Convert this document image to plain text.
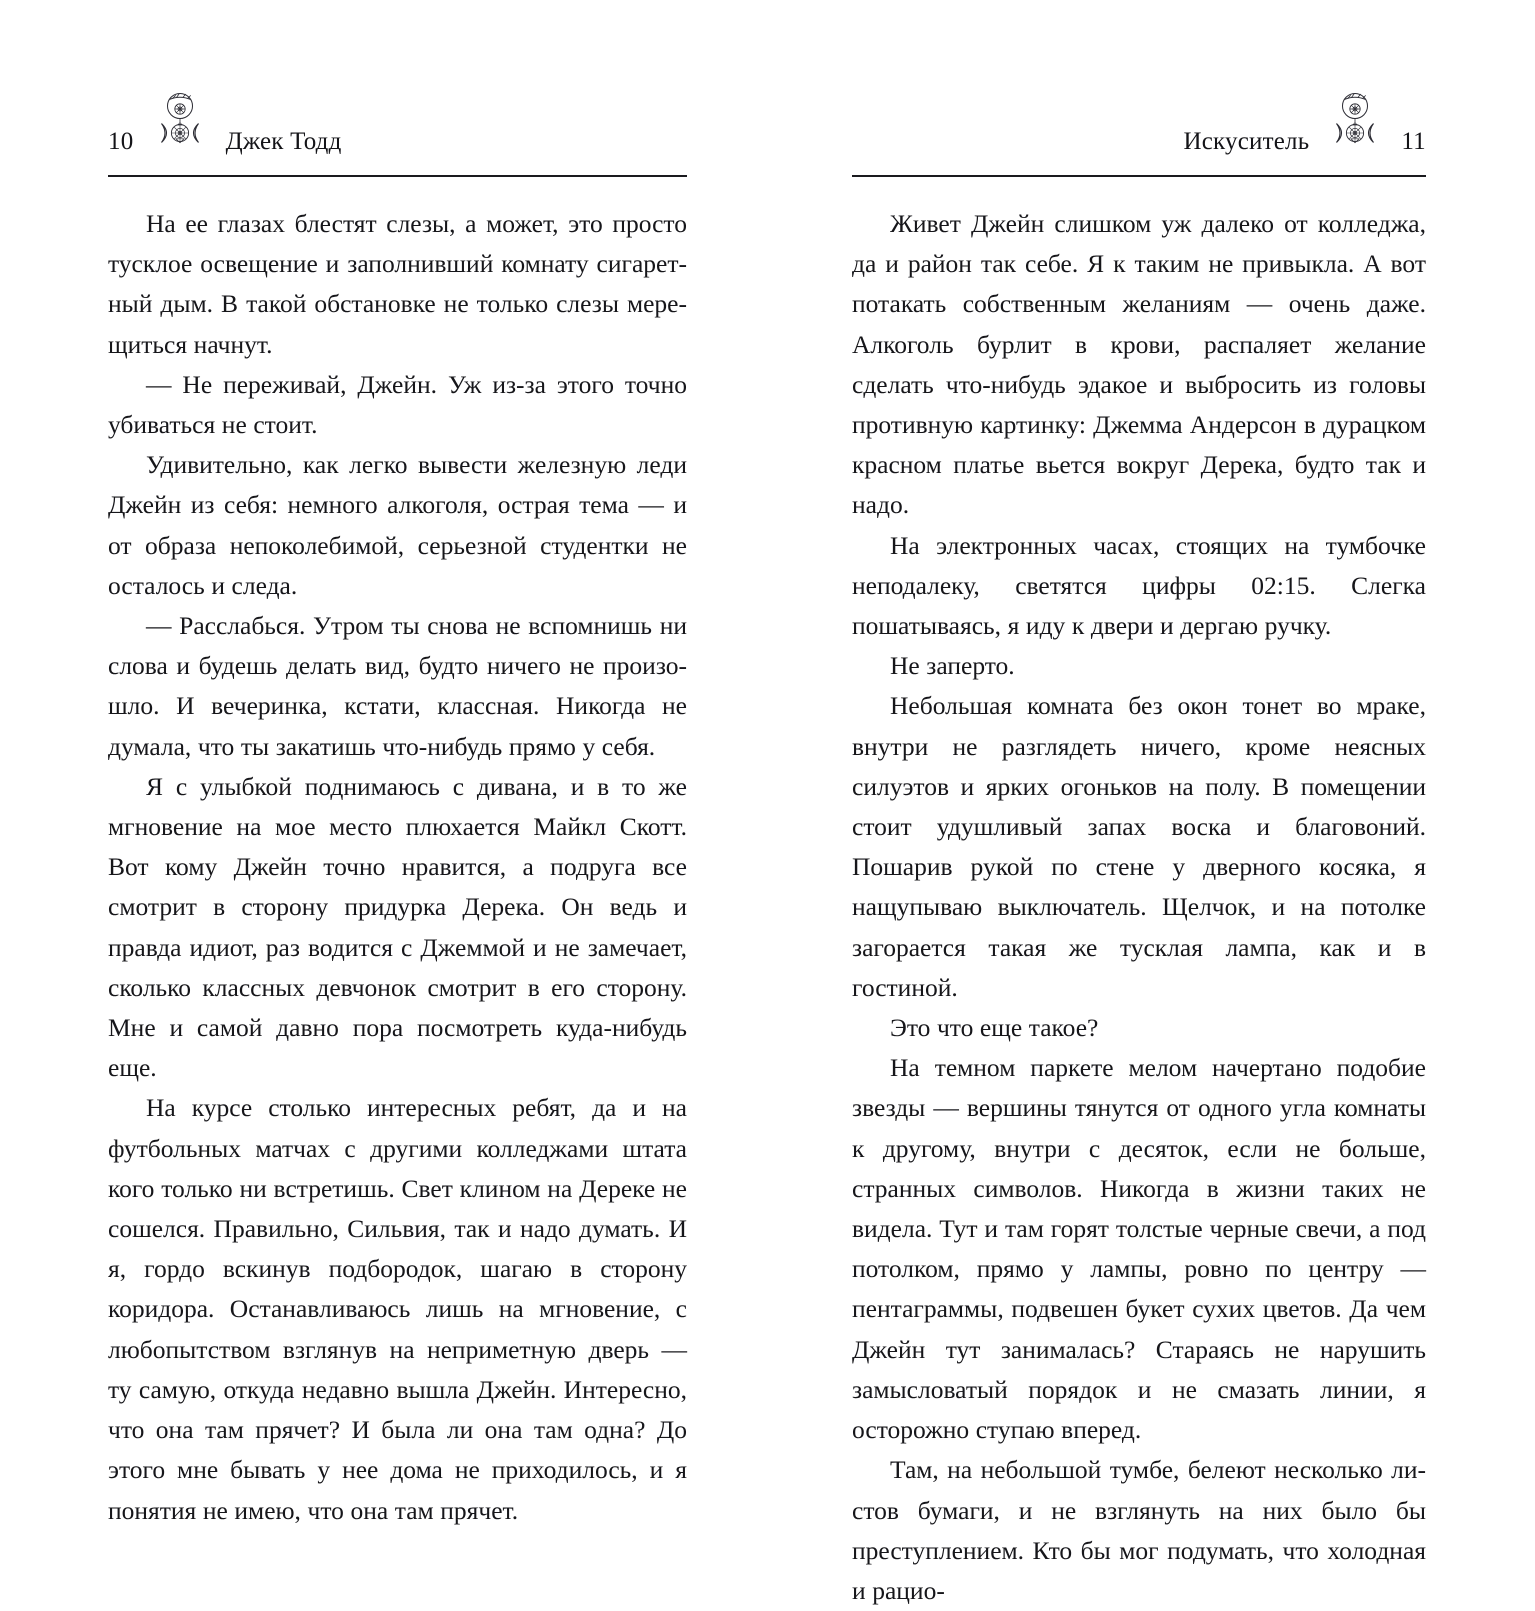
10	Джек Тодд

На ее глазах блестят слезы, а может, это просто тусклое освещение и заполнивший комнату сигаретный дым. В такой обстановке не только слезы мерещиться начнут.

— Не переживай, Джейн. Уж из-за этого точно убиваться не стоит.

Удивительно, как легко вывести железную леди Джейн из себя: немного алкоголя, острая тема — и от образа непоколебимой, серьезной студентки не осталось и следа.

— Расслабься. Утром ты снова не вспомнишь ни слова и будешь делать вид, будто ничего не произошло. И вечеринка, кстати, классная. Никогда не думала, что ты закатишь что-нибудь прямо у себя.

Я с улыбкой поднимаюсь с дивана, и в то же мгновение на мое место плюхается Майкл Скотт. Вот кому Джейн точно нравится, а подруга все смотрит в сторону придурка Дерека. Он ведь и правда идиот, раз водится с Джеммой и не замечает, сколько классных девчонок смотрит в его сторону. Мне и самой давно пора посмотреть куда-нибудь еще.

На курсе столько интересных ребят, да и на футбольных матчах с другими колледжами штата кого только ни встретишь. Свет клином на Дереке не сошелся. Правильно, Сильвия, так и надо думать. И я, гордо вскинув подбородок, шагаю в сторону коридора. Останавливаюсь лишь на мгновение, с любопытством взглянув на неприметную дверь — ту самую, откуда недавно вышла Джейн. Интересно, что она там прячет? И была ли она там одна? До этого мне бывать у нее дома не приходилось, и я понятия не имею, что она там прячет.

Искуситель	11

Живет Джейн слишком уж далеко от колледжа, да и район так себе. Я к таким не привыкла. А вот потакать собственным желаниям — очень даже. Алкоголь бурлит в крови, распаляет желание сделать что-нибудь эдакое и выбросить из головы противную картинку: Джемма Андерсон в дурацком красном платье вьется вокруг Дерека, будто так и надо.

На электронных часах, стоящих на тумбочке неподалеку, светятся цифры 02:15. Слегка пошатываясь, я иду к двери и дергаю ручку.

Не заперто.

Небольшая комната без окон тонет во мраке, внутри не разглядеть ничего, кроме неясных силуэтов и ярких огоньков на полу. В помещении стоит удушливый запах воска и благовоний. Пошарив рукой по стене у дверного косяка, я нащупываю выключатель. Щелчок, и на потолке загорается такая же тусклая лампа, как и в гостиной.

Это что еще такое?

На темном паркете мелом начертано подобие звезды — вершины тянутся от одного угла комнаты к другому, внутри с десяток, если не больше, странных символов. Никогда в жизни таких не видела. Тут и там горят толстые черные свечи, а под потолком, прямо у лампы, ровно по центру — пентаграммы, подвешен букет сухих цветов. Да чем Джейн тут занималась? Стараясь не нарушить замысловатый порядок и не смазать линии, я осторожно ступаю вперед.

Там, на небольшой тумбе, белеют несколько листов бумаги, и не взглянуть на них было бы преступлением. Кто бы мог подумать, что холодная и рацио-
